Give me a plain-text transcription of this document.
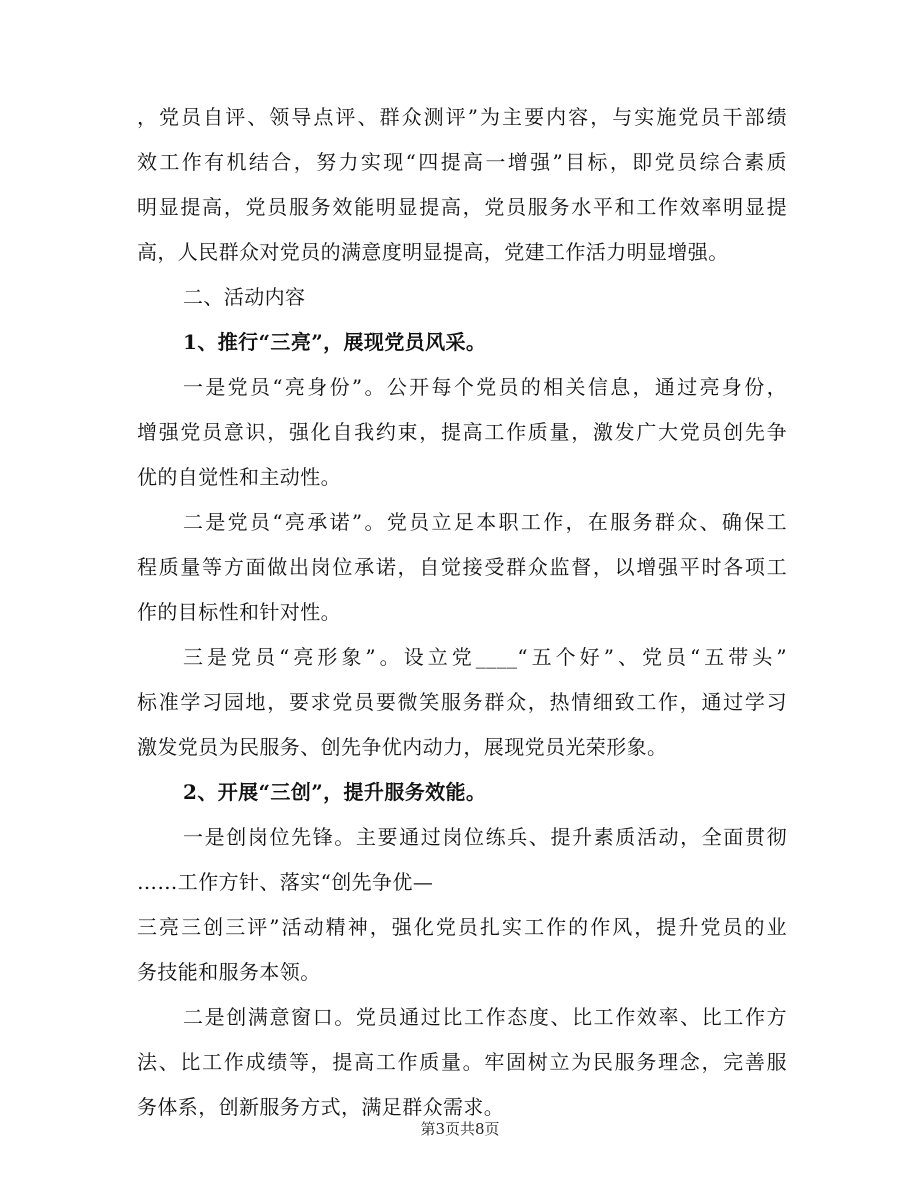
，党员自评、领导点评、群众测评”为主要内容，与实施党员干部绩
效工作有机结合，努力实现“四提高一增强”目标，即党员综合素质
明显提高，党员服务效能明显提高，党员服务水平和工作效率明显提
高，人民群众对党员的满意度明显提高，党建工作活力明显增强。
二、活动内容
1、推行“三亮”，展现党员风采。
一是党员“亮身份”。公开每个党员的相关信息，通过亮身份，
增强党员意识，强化自我约束，提高工作质量，激发广大党员创先争
优的自觉性和主动性。
二是党员“亮承诺”。党员立足本职工作，在服务群众、确保工
程质量等方面做出岗位承诺，自觉接受群众监督，以增强平时各项工
作的目标性和针对性。
三是党员“亮形象”。设立党____“五个好”、党员“五带头”
标准学习园地，要求党员要微笑服务群众，热情细致工作，通过学习
激发党员为民服务、创先争优内动力，展现党员光荣形象。
2、开展“三创”，提升服务效能。
一是创岗位先锋。主要通过岗位练兵、提升素质活动，全面贯彻
……工作方针、落实“创先争优—
三亮三创三评”活动精神，强化党员扎实工作的作风，提升党员的业
务技能和服务本领。
二是创满意窗口。党员通过比工作态度、比工作效率、比工作方
法、比工作成绩等，提高工作质量。牢固树立为民服务理念，完善服
务体系，创新服务方式，满足群众需求。
第3页共8页
